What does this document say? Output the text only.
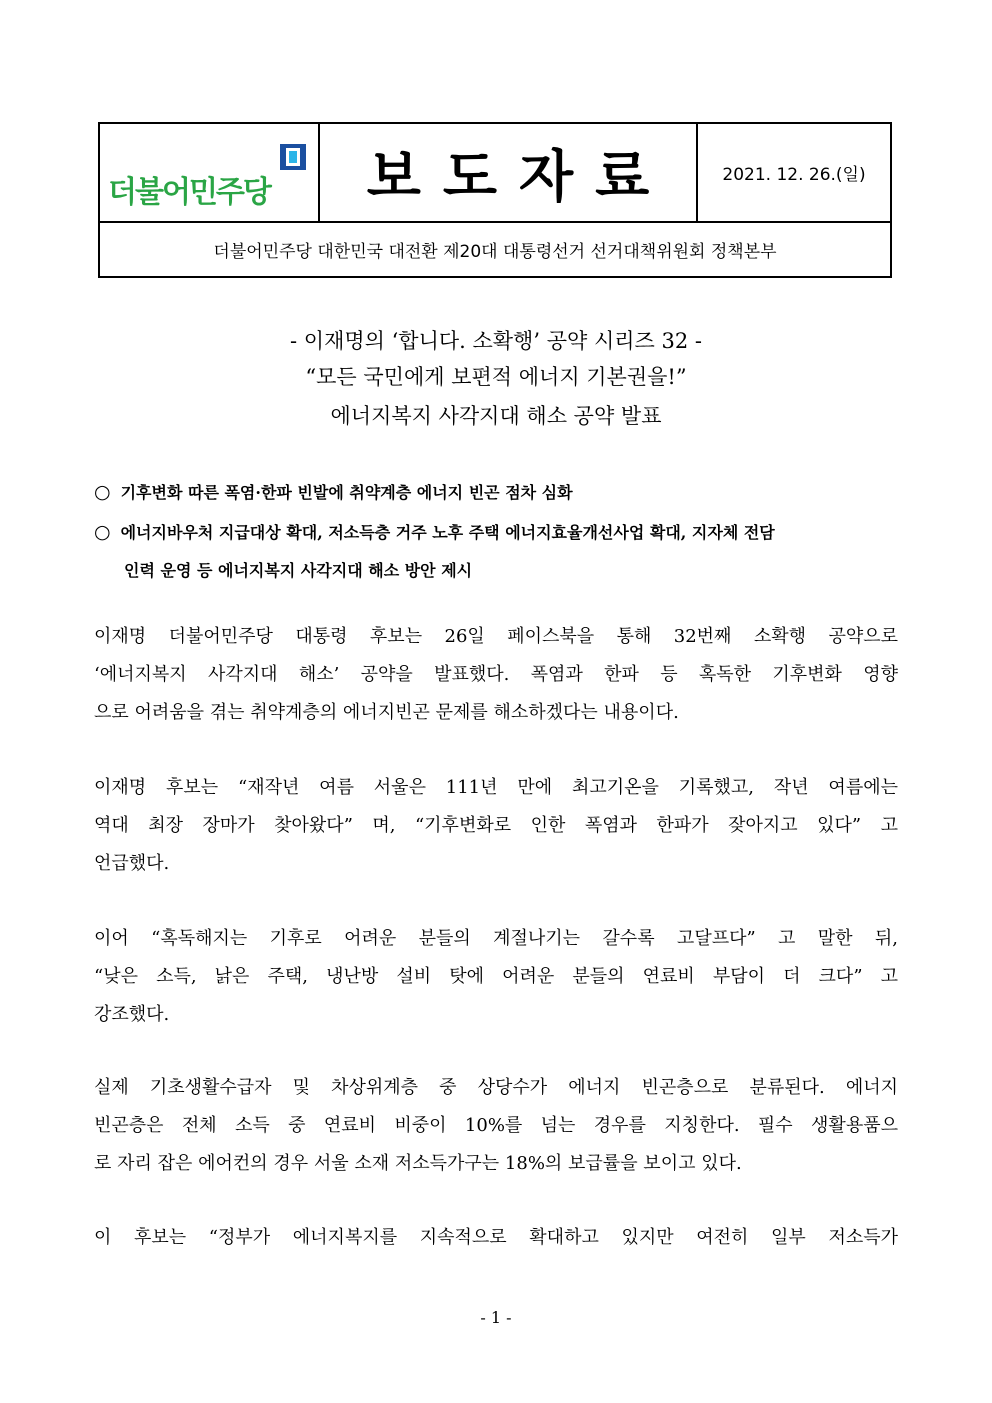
더불어민주당 보도자료	2021. 12. 26.(일)
더불어민주당 대한민국 대전환 제20대 대통령선거 선거대책위원회 정책본부
- 이재명의 ‘합니다. 소확행’ 공약 시리즈 32 -
“모든 국민에게 보편적 에너지 기본권을!”
에너지복지 사각지대 해소 공약 발표
○ 기후변화 따른 폭염·한파 빈발에 취약계층 에너지 빈곤 점차 심화
○ 에너지바우처 지급대상 확대, 저소득층 거주 노후 주택 에너지효율개선사업 확대, 지자체 전담
인력 운영 등 에너지복지 사각지대 해소 방안 제시
이재명 더불어민주당 대통령 후보는 26일 페이스북을 통해 32번째 소확행 공약으로
‘에너지복지 사각지대 해소’ 공약을 발표했다. 폭염과 한파 등 혹독한 기후변화 영향
으로 어려움을 겪는 취약계층의 에너지빈곤 문제를 해소하겠다는 내용이다.
이재명 후보는 “재작년 여름 서울은 111년 만에 최고기온을 기록했고, 작년 여름에는
역대 최장 장마가 찾아왔다” 며, “기후변화로 인한 폭염과 한파가 잦아지고 있다” 고
언급했다.
이어 “혹독해지는 기후로 어려운 분들의 계절나기는 갈수록 고달프다” 고 말한 뒤,
“낮은 소득, 낡은 주택, 냉난방 설비 탓에 어려운 분들의 연료비 부담이 더 크다” 고
강조했다.
실제 기초생활수급자 및 차상위계층 중 상당수가 에너지 빈곤층으로 분류된다. 에너지
빈곤층은 전체 소득 중 연료비 비중이 10%를 넘는 경우를 지칭한다. 필수 생활용품으
로 자리 잡은 에어컨의 경우 서울 소재 저소득가구는 18%의 보급률을 보이고 있다.
이 후보는 “정부가 에너지복지를 지속적으로 확대하고 있지만 여전히 일부 저소득가
- 1 -
